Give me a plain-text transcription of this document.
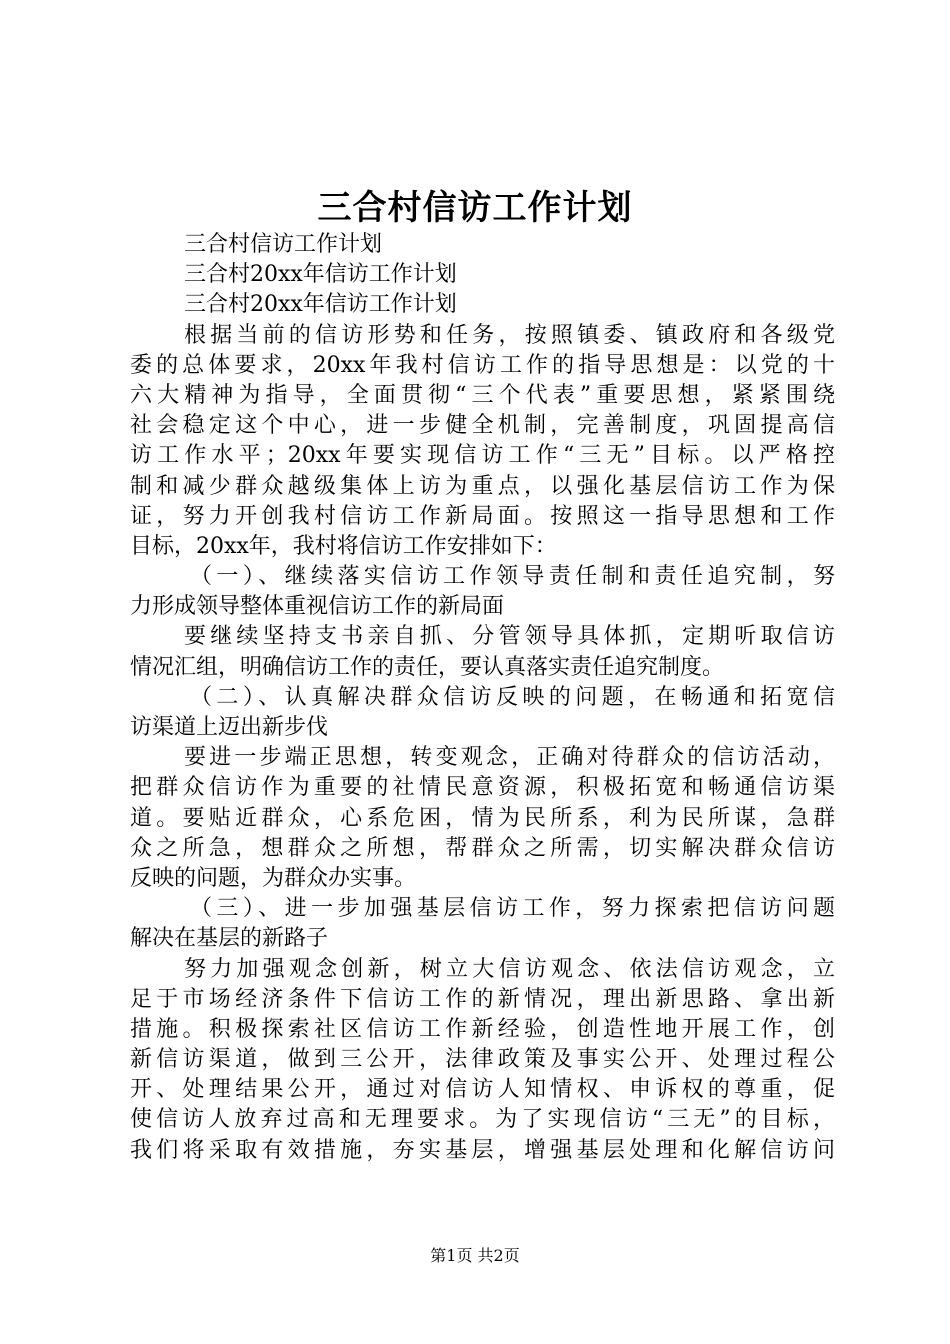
三合村信访工作计划
三合村信访工作计划
三合村20xx年信访工作计划
三合村20xx年信访工作计划
根据当前的信访形势和任务，按照镇委、镇政府和各级党
委的总体要求，20xx年我村信访工作的指导思想是：以党的十
六大精神为指导，全面贯彻“三个代表”重要思想，紧紧围绕
社会稳定这个中心，进一步健全机制，完善制度，巩固提高信
访工作水平；20xx年要实现信访工作“三无”目标。以严格控
制和减少群众越级集体上访为重点，以强化基层信访工作为保
证，努力开创我村信访工作新局面。按照这一指导思想和工作
目标，20xx年，我村将信访工作安排如下：
（一）、继续落实信访工作领导责任制和责任追究制，努
力形成领导整体重视信访工作的新局面
要继续坚持支书亲自抓、分管领导具体抓，定期听取信访
情况汇组，明确信访工作的责任，要认真落实责任追究制度。
（二）、认真解决群众信访反映的问题，在畅通和拓宽信
访渠道上迈出新步伐
要进一步端正思想，转变观念，正确对待群众的信访活动，
把群众信访作为重要的社情民意资源，积极拓宽和畅通信访渠
道。要贴近群众，心系危困，情为民所系，利为民所谋，急群
众之所急，想群众之所想，帮群众之所需，切实解决群众信访
反映的问题，为群众办实事。
（三）、进一步加强基层信访工作，努力探索把信访问题
解决在基层的新路子
努力加强观念创新，树立大信访观念、依法信访观念，立
足于市场经济条件下信访工作的新情况，理出新思路、拿出新
措施。积极探索社区信访工作新经验，创造性地开展工作，创
新信访渠道，做到三公开，法律政策及事实公开、处理过程公
开、处理结果公开，通过对信访人知情权、申诉权的尊重，促
使信访人放弃过高和无理要求。为了实现信访“三无”的目标，
我们将采取有效措施，夯实基层，增强基层处理和化解信访问
第1页 共2页
